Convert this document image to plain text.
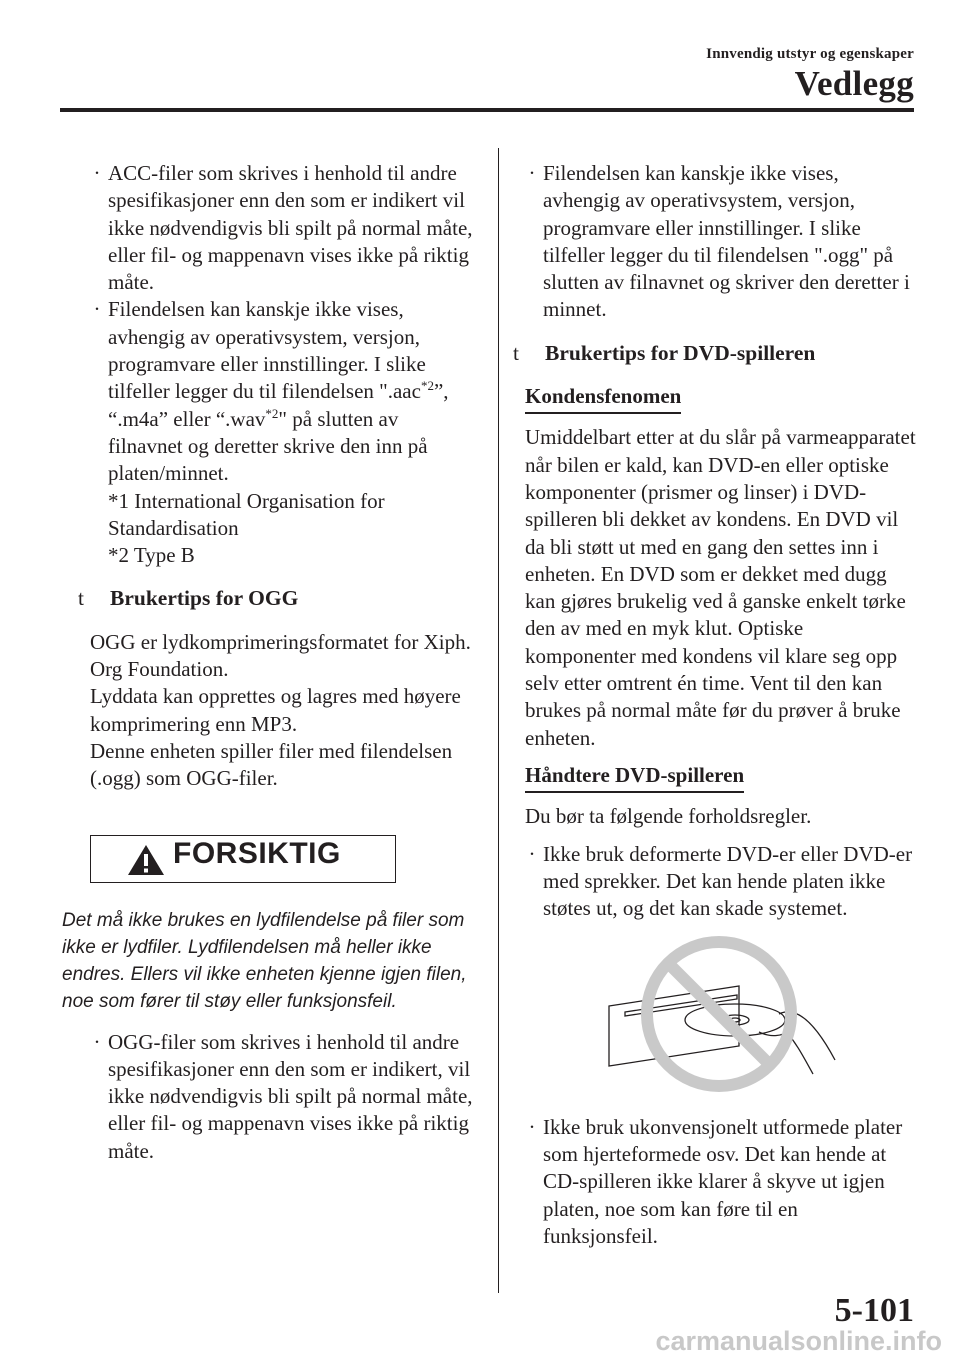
Innvendig utstyr og egenskaper
Vedlegg
· ACC-filer som skrives i henhold til andre spesifikasjoner enn den som er indikert vil ikke nødvendigvis bli spilt på normal måte, eller fil- og mappenavn vises ikke på riktig måte.
· Filendelsen kan kanskje ikke vises, avhengig av operativsystem, versjon, programvare eller innstillinger. I slike tilfeller legger du til filendelsen ".aac$^{*2}$”, “.m4a” eller “.wav$^{*2}$" på slutten av filnavnet og deretter skrive den inn på platen/minnet.
*1 International Organisation for Standardisation
*2 Type B
t Brukertips for OGG
OGG er lydkomprimeringsformatet for Xiph. Org Foundation.
Lyddata kan opprettes og lagres med høyere komprimering enn MP3.
Denne enheten spiller filer med filendelsen (.ogg) som OGG-filer.
FORSIKTIG
Det må ikke brukes en lydfilendelse på filer som ikke er lydfiler. Lydfilendelsen må heller ikke endres. Ellers vil ikke enheten kjenne igjen filen, noe som fører til støy eller funksjonsfeil.
· OGG-filer som skrives i henhold til andre spesifikasjoner enn den som er indikert, vil ikke nødvendigvis bli spilt på normal måte, eller fil- og mappenavn vises ikke på riktig måte.
· Filendelsen kan kanskje ikke vises, avhengig av operativsystem, versjon, programvare eller innstillinger. I slike tilfeller legger du til filendelsen ".ogg" på slutten av filnavnet og skriver den deretter i minnet.
t Brukertips for DVD-spilleren
Kondensfenomen
Umiddelbart etter at du slår på varmeapparatet når bilen er kald, kan DVD-en eller optiske komponenter (prismer og linser) i DVD-spilleren bli dekket av kondens. En DVD vil da bli støtt ut med en gang den settes inn i enheten. En DVD som er dekket med dugg kan gjøres brukelig ved å ganske enkelt tørke den av med en myk klut. Optiske komponenter med kondens vil klare seg opp selv etter omtrent én time. Vent til den kan brukes på normal måte før du prøver å bruke enheten.
Håndtere DVD-spilleren
Du bør ta følgende forholdsregler.
· Ikke bruk deformerte DVD-er eller DVD-er med sprekker. Det kan hende platen ikke støtes ut, og det kan skade systemet.
· Ikke bruk ukonvensjonelt utformede plater som hjerteformede osv. Det kan hende at CD-spilleren ikke klarer å skyve ut igjen platen, noe som kan føre til en funksjonsfeil.
5-101
carmanualsonline.info
